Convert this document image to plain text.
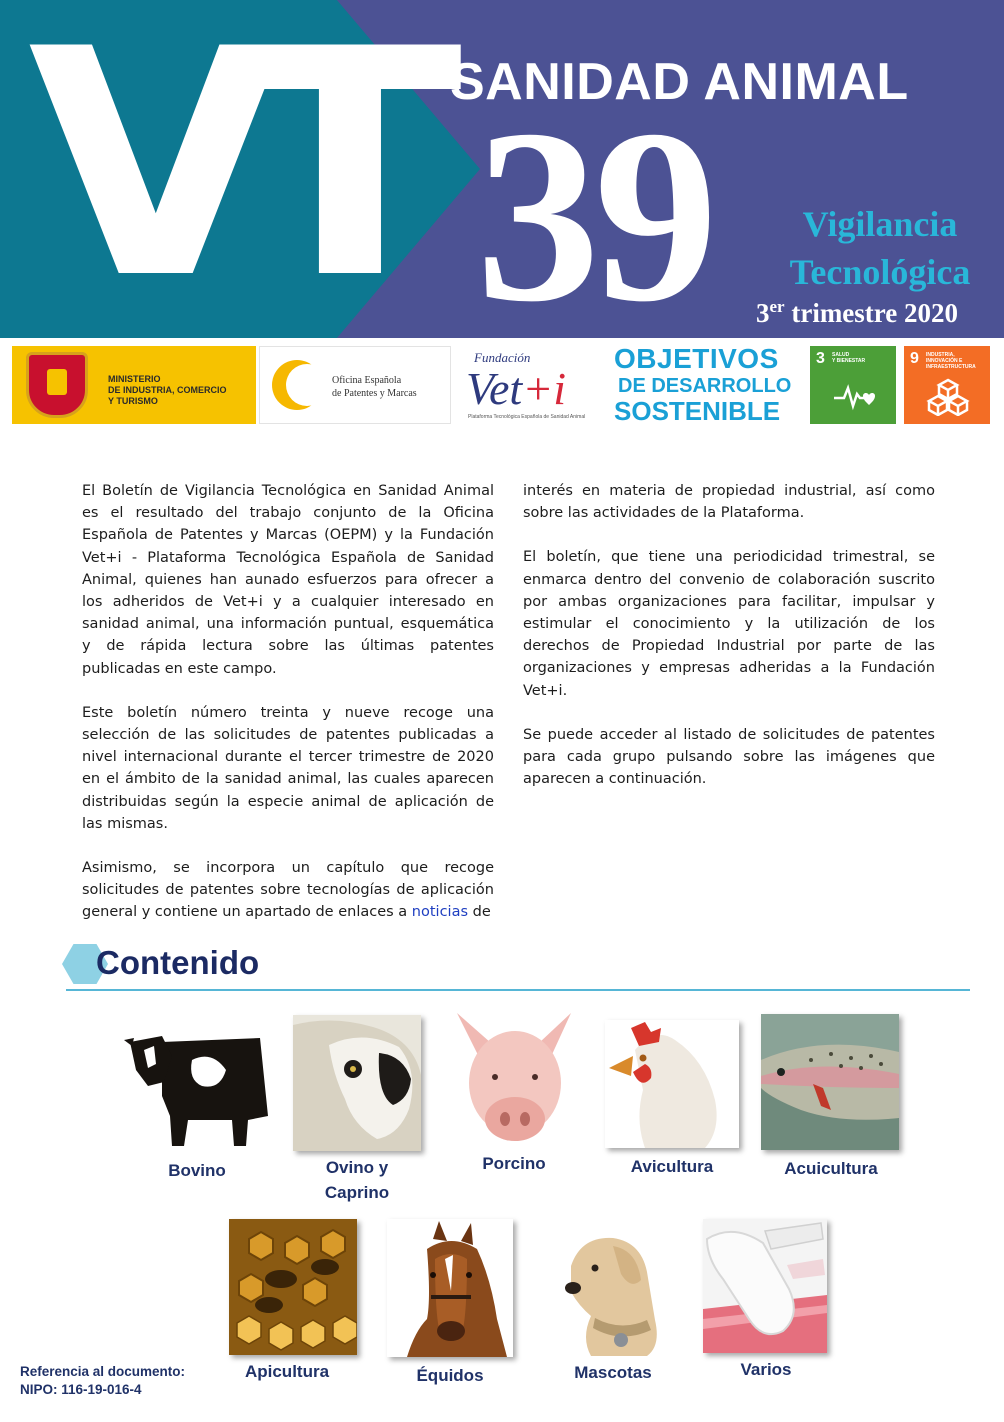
VT SANIDAD ANIMAL
39	Vigilancia
Tecnológica
3er trimestre 2020
MINISTERIO
DE INDUSTRIA, COMERCIO
Y TURISMO
Oficina Española
de Patentes y Marcas
Fundación
Vet+i
Plataforma Tecnológica Española de Sanidad Animal
OBJETIVOS
DE DESARROLLO
SOSTENIBLE
3 SALUD
Y BIENESTAR	9 INDUSTRIA,
INNOVACIÓN E
INFRAESTRUCTURA

El Boletín de Vigilancia Tecnológica en Sanidad Animal es el resultado del trabajo conjunto de la Oficina Española de Patentes y Marcas (OEPM) y la Fundación Vet+i - Plataforma Tecnológica Española de Sanidad Animal, quienes han aunado esfuerzos para ofrecer a los adheridos de Vet+i y a cualquier interesado en sanidad animal, una información puntual, esquemática y de rápida lectura sobre las últimas patentes publicadas en este campo.

Este boletín número treinta y nueve recoge una selección de las solicitudes de patentes publicadas a nivel internacional durante el tercer trimestre de 2020 en el ámbito de la sanidad animal, las cuales aparecen distribuidas según la especie animal de aplicación de las mismas.

Asimismo, se incorpora un capítulo que recoge solicitudes de patentes sobre tecnologías de aplicación general y contiene un apartado de enlaces a noticias de

interés en materia de propiedad industrial, así como sobre las actividades de la Plataforma.

El boletín, que tiene una periodicidad trimestral, se enmarca dentro del convenio de colaboración suscrito por ambas organizaciones para facilitar, impulsar y estimular el conocimiento y la utilización de los derechos de Propiedad Industrial por parte de las organizaciones y empresas adheridas a la Fundación Vet+i.

Se puede acceder al listado de solicitudes de patentes para cada grupo pulsando sobre las imágenes que aparecen a continuación.

Contenido
Bovino	Ovino y
Caprino
Porcino	Avicultura	Acuicultura
Apicultura	Équidos	Mascotas	Varios
Referencia al documento:
NIPO: 116-19-016-4
